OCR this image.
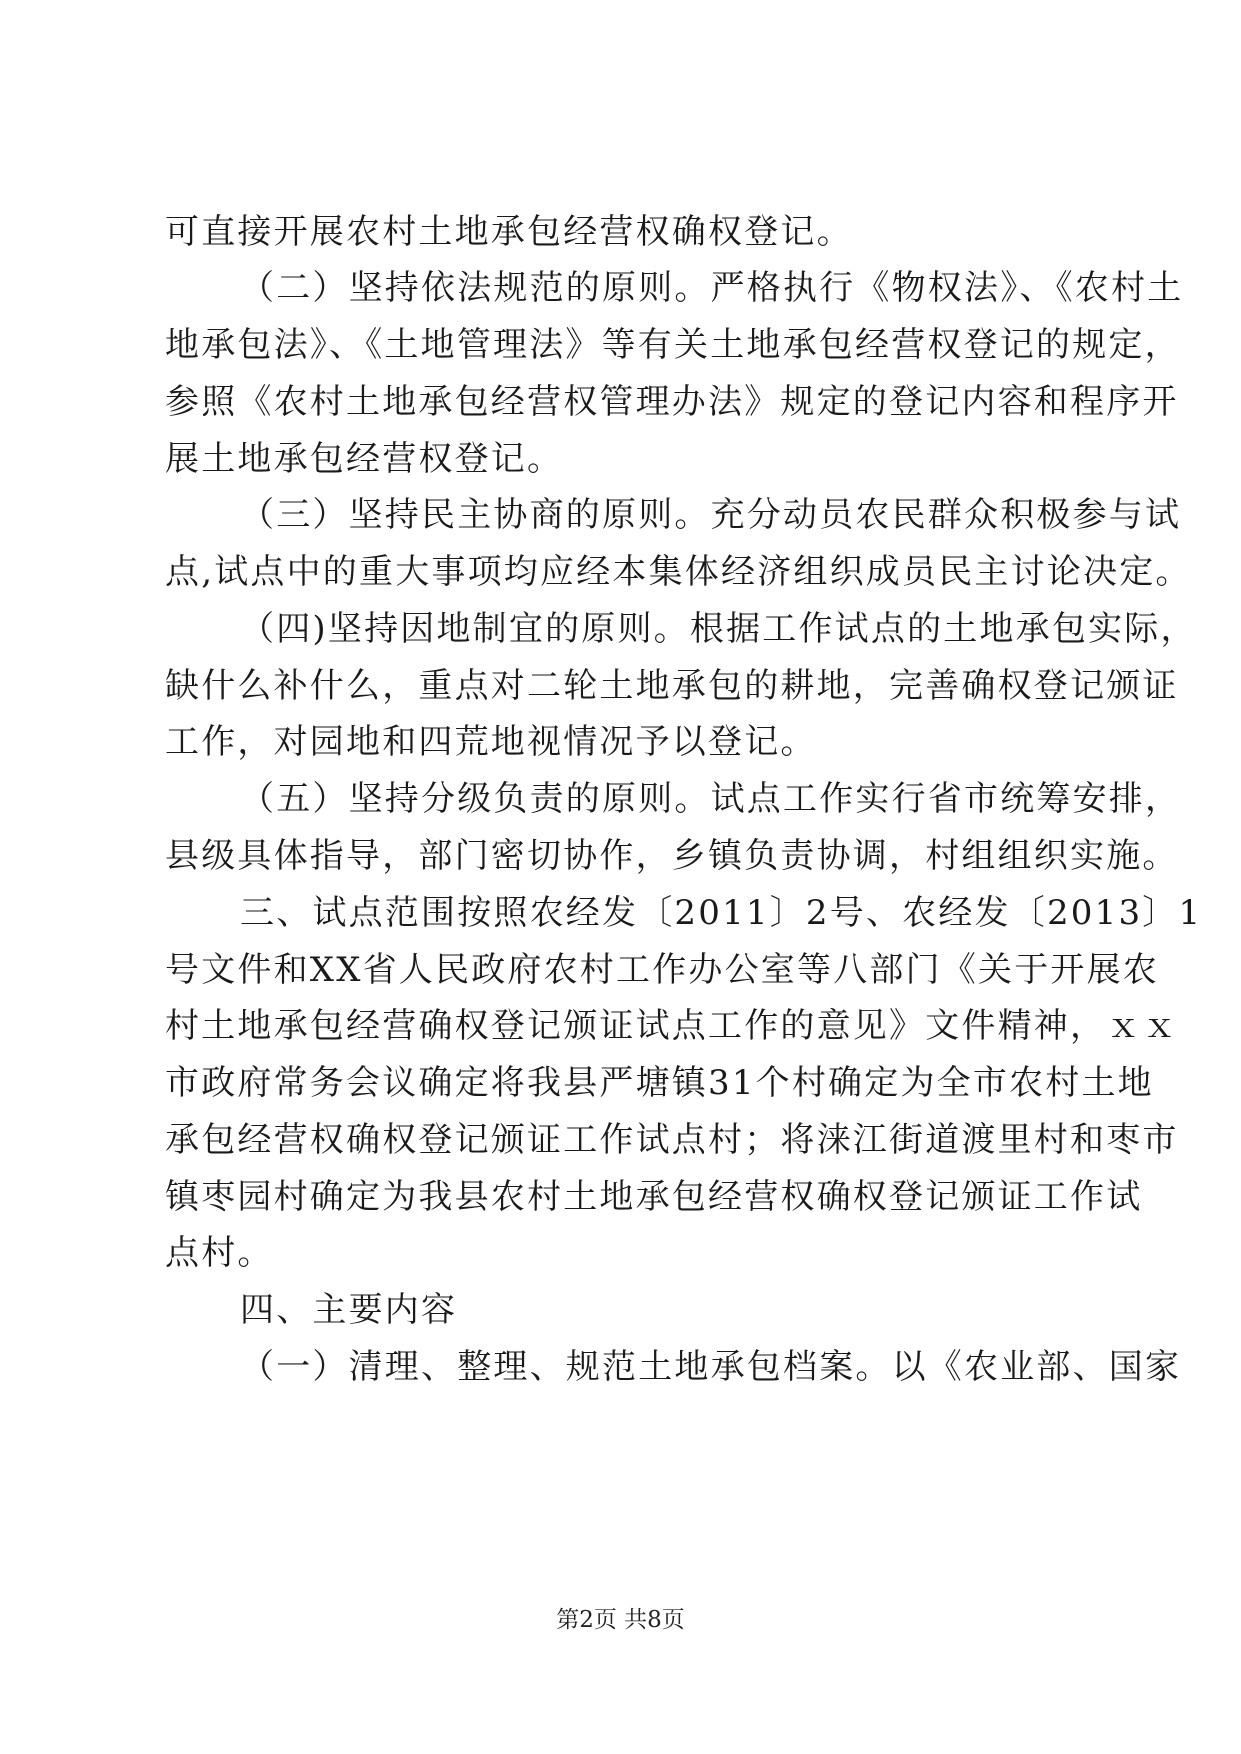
可直接开展农村土地承包经营权确权登记。
（二）坚持依法规范的原则。严格执行《物权法》、《农村土
地承包法》、《土地管理法》等有关土地承包经营权登记的规定，
参照《农村土地承包经营权管理办法》规定的登记内容和程序开
展土地承包经营权登记。
（三）坚持民主协商的原则。充分动员农民群众积极参与试
点,试点中的重大事项均应经本集体经济组织成员民主讨论决定。
（四)坚持因地制宜的原则。根据工作试点的土地承包实际，
缺什么补什么，重点对二轮土地承包的耕地，完善确权登记颁证
工作，对园地和四荒地视情况予以登记。
（五）坚持分级负责的原则。试点工作实行省市统筹安排，
县级具体指导，部门密切协作，乡镇负责协调，村组组织实施。
三、试点范围按照农经发〔2011〕2号、农经发〔2013〕1
号文件和XX省人民政府农村工作办公室等八部门《关于开展农
村土地承包经营确权登记颁证试点工作的意见》文件精神，ｘｘ
市政府常务会议确定将我县严塘镇31个村确定为全市农村土地
承包经营权确权登记颁证工作试点村；将涞江街道渡里村和枣市
镇枣园村确定为我县农村土地承包经营权确权登记颁证工作试
点村。
四、主要内容
（一）清理、整理、规范土地承包档案。以《农业部、国家
第2页 共8页
